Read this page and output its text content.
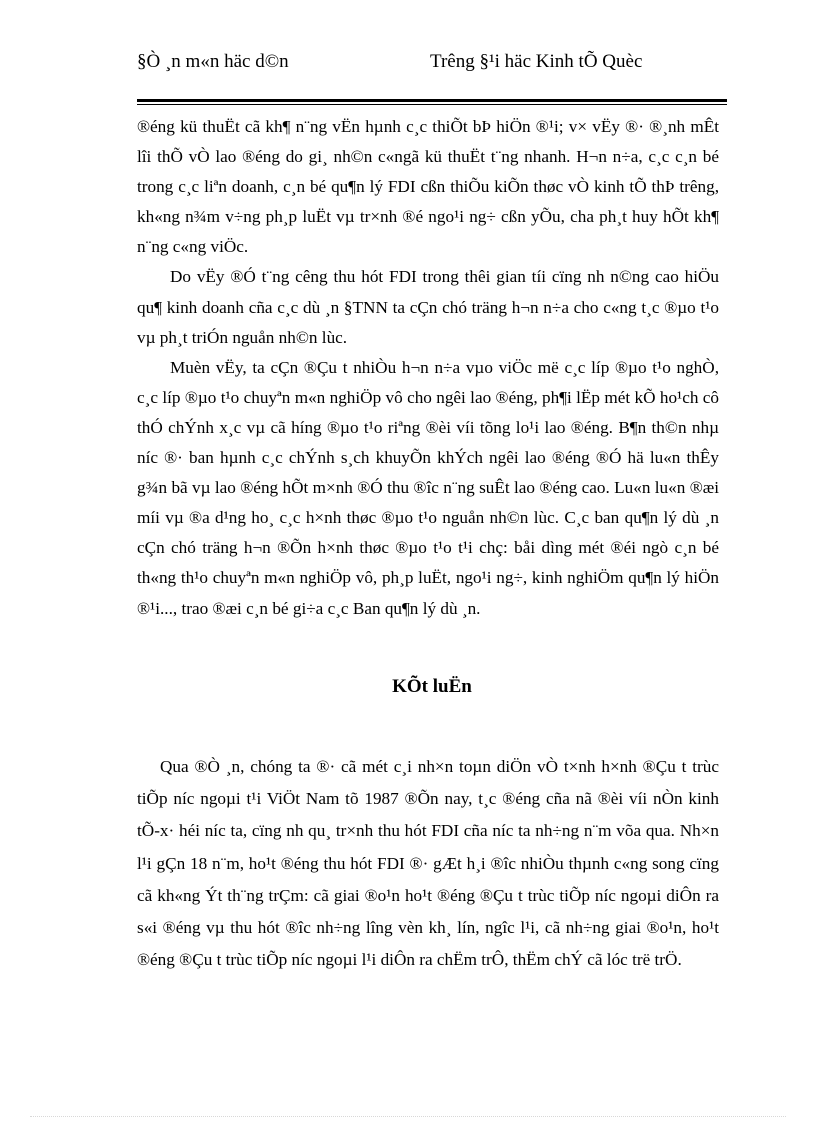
§Ò ¸n m«n häc d©n	Trêng §¹i häc Kinh tÕ Quèc

®éng kü thuËt cã kh¶ n¨ng vËn hµnh c¸c thiÕt bÞ hiÖn ®¹i; v× vËy ®· ®¸nh mÊt lîi thÕ vÒ lao ®éng do gi¸ nh©n c«ngã kü thuËt t¨ng nhanh. H¬n n÷a, c¸c c¸n bé trong c¸c liªn doanh, c¸n bé qu¶n lý FDI cßn thiÕu kiÕn thøc vÒ kinh tÕ thÞ trêng, kh«ng n¾m v÷ng ph¸p luËt vµ tr×nh ®é ngo¹i ng÷ cßn yÕu, cha ph¸t huy hÕt kh¶ n¨ng c«ng viÖc.

Do vËy ®Ó t¨ng cêng thu hót FDI trong thêi gian tíi cïng nh n©ng cao hiÖu qu¶ kinh doanh cña c¸c dù ¸n §TNN ta cÇn chó träng h¬n n÷a cho c«ng t¸c ®µo t¹o vµ ph¸t triÓn nguån nh©n lùc.

Muèn vËy, ta cÇn ®Çu t nhiÒu h¬n n÷a vµo viÖc më c¸c líp ®µo t¹o nghÒ, c¸c líp ®µo t¹o chuyªn m«n nghiÖp vô cho ngêi lao ®éng, ph¶i lËp mét kÕ ho¹ch cô thÓ chÝnh x¸c vµ cã híng ®µo t¹o riªng ®èi víi tõng lo¹i lao ®éng. B¶n th©n nhµ níc ®· ban hµnh c¸c chÝnh s¸ch khuyÕn khÝch ngêi lao ®éng ®Ó hä lu«n thÊy g¾n bã vµ lao ®éng hÕt m×nh ®Ó thu ®îc n¨ng suÊt lao ®éng cao. Lu«n lu«n ®æi míi vµ ®a d¹ng ho¸ c¸c h×nh thøc ®µo t¹o nguån nh©n lùc. C¸c ban qu¶n lý dù ¸n cÇn chó träng h¬n ®Õn h×nh thøc ®µo t¹o t¹i chç: båi dìng mét ®éi ngò c¸n bé th«ng th¹o chuyªn m«n nghiÖp vô, ph¸p luËt, ngo¹i ng÷, kinh nghiÖm qu¶n lý hiÖn ®¹i..., trao ®æi c¸n bé gi÷a c¸c Ban qu¶n lý dù ¸n.

KÕt luËn

Qua ®Ò ¸n, chóng ta ®· cã mét c¸i nh×n toµn diÖn vÒ t×nh h×nh ®Çu t trùc tiÕp níc ngoµi t¹i ViÖt Nam tõ 1987 ®Õn nay, t¸c ®éng cña nã ®èi víi nÒn kinh tÕ-x· héi níc ta, cïng nh qu¸ tr×nh thu hót FDI cña níc ta nh÷ng n¨m võa qua. Nh×n l¹i gÇn 18 n¨m, ho¹t ®éng thu hót FDI ®· gÆt h¸i ®îc nhiÒu thµnh c«ng song cïng cã kh«ng Ýt th¨ng trÇm: cã giai ®o¹n ho¹t ®éng ®Çu t trùc tiÕp níc ngoµi diÔn ra s«i ®éng vµ thu hót ®îc nh÷ng lîng vèn kh¸ lín, ngîc l¹i, cã nh÷ng giai ®o¹n, ho¹t ®éng ®Çu t trùc tiÕp níc ngoµi l¹i diÔn ra chËm trÔ, thËm chÝ cã lóc trë trÖ.
